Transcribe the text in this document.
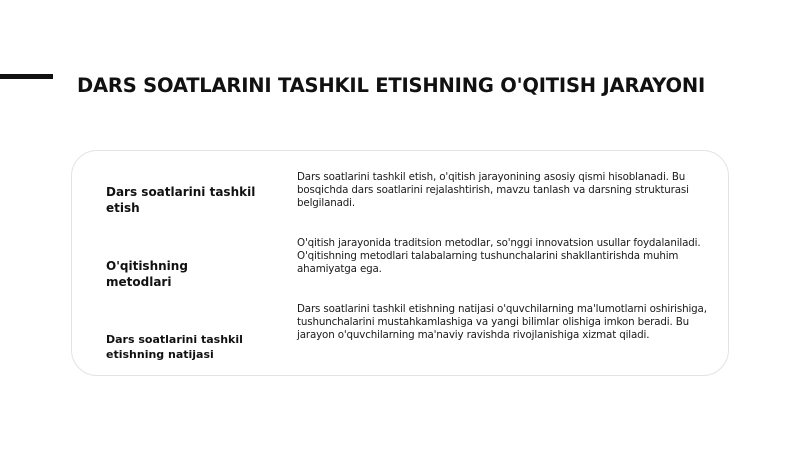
DARS SOATLARINI TASHKIL ETISHNING O'QITISH JARAYONI

Dars soatlarini tashkil etish

Dars soatlarini tashkil etish, o'qitish jarayonining asosiy qismi hisoblanadi. Bu bosqichda dars soatlarini rejalashtirish, mavzu tanlash va darsning strukturasi belgilanadi.

O'qitishning metodlari

O'qitish jarayonida traditsion metodlar, so'nggi innovatsion usullar foydalaniladi. O'qitishning metodlari talabalarning tushunchalarini shakllantirishda muhim ahamiyatga ega.

Dars soatlarini tashkil etishning natijasi

Dars soatlarini tashkil etishning natijasi o'quvchilarning ma'lumotlarni oshirishiga, tushunchalarini mustahkamlashiga va yangi bilimlar olishiga imkon beradi. Bu jarayon o'quvchilarning ma'naviy ravishda rivojlanishiga xizmat qiladi.
